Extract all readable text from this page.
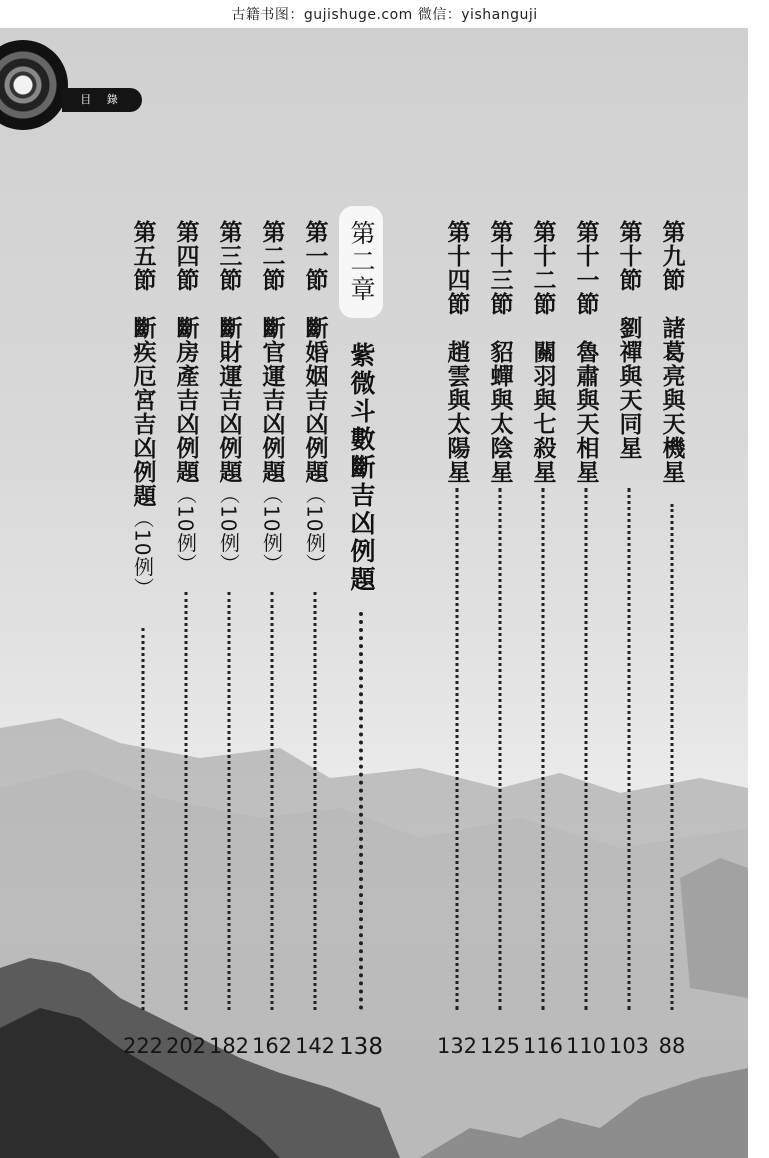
古籍书图：gujishuge.com 微信：yishanguji
目 錄
第九節　諸葛亮與天機星
88
第十節　劉禪與天同星
103
第十一節　魯肅與天相星
110
第十二節　關羽與七殺星
116
第十三節　貂蟬與太陰星
125
第十四節　趙雲與太陽星
132
第二章
紫微斗數斷吉凶例題
138
第一節　斷婚姻吉凶例題（10例）
142
第二節　斷官運吉凶例題（10例）
162
第三節　斷財運吉凶例題（10例）
182
第四節　斷房產吉凶例題（10例）
202
第五節　斷疾厄宮吉凶例題（10例）
222
